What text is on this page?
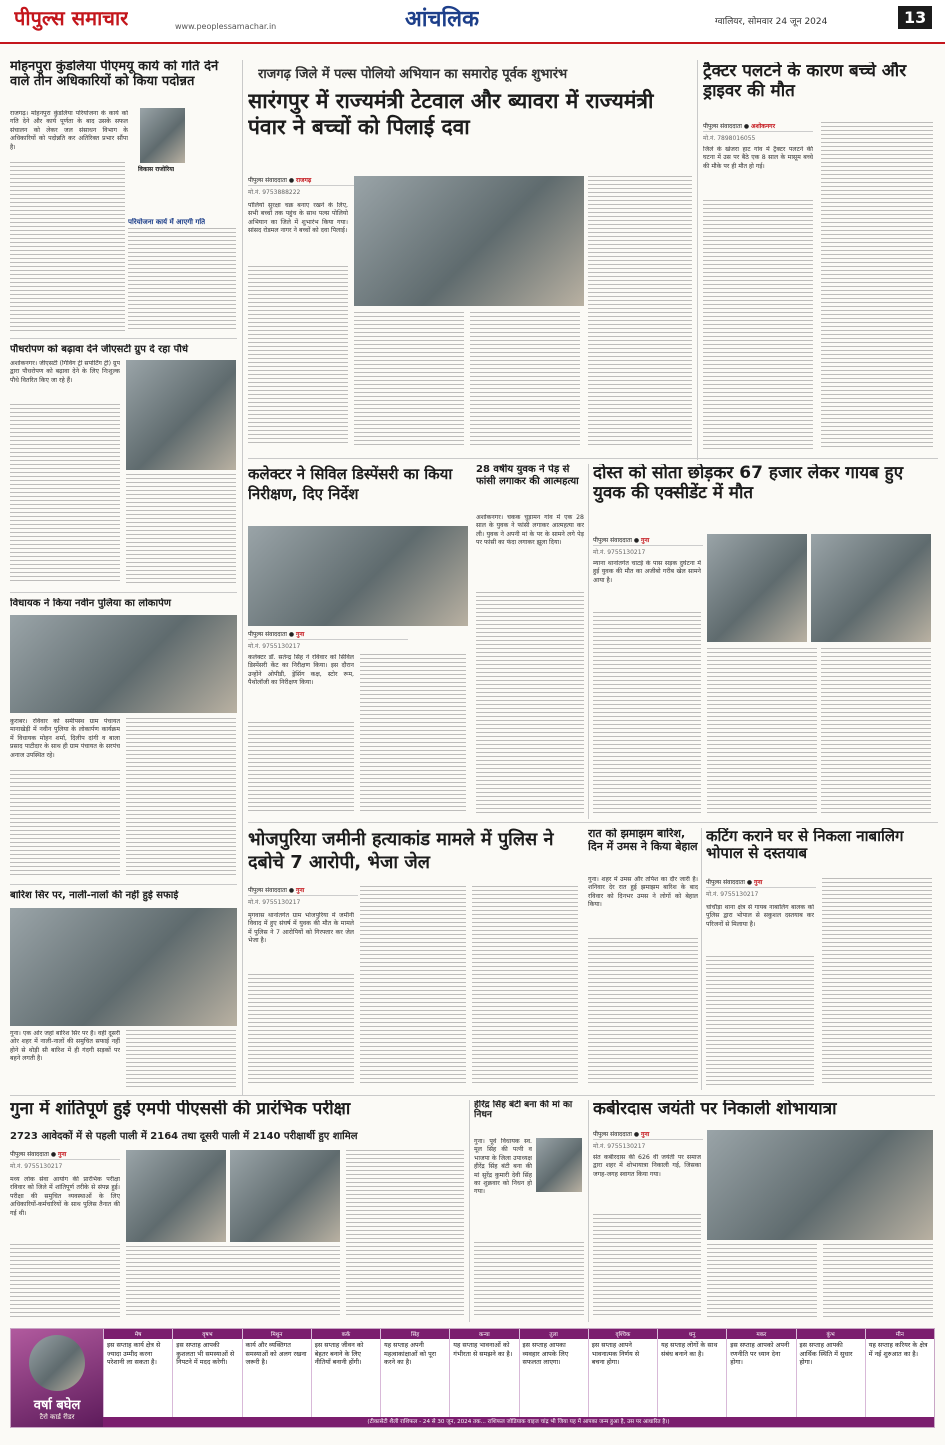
पीपुल्स समाचार	www.peoplessamachar.in	आंचलिक	ग्वालियर, सोमवार 24 जून 2024	13
मोहनपुरा कुंडलिया पीएमयू कार्य को गति देने वाले तीन अधिकारियों को किया पदोन्नत
राजगढ़। मोहनपुरा कुंडलिया परियोजना के कार्य को गति देने और कार्य पूर्णता के बाद उसके सफल संचालन को लेकर जल संसाधन विभाग के अधिकारियों को पदोन्नति कर अतिरिक्त प्रभार सौंपा है।
विकास राजोरिया
परियोजना कार्य में आएगी गति
पौधरोपण को बढ़ावा देने जीएसटी ग्रुप दे रहा पौधे
अशोकनगर। जीएसटी (गिविंग ट्री सपोर्टिंग ट्री) ग्रुप द्वारा पौधरोपण को बढ़ावा देने के लिए निःशुल्क पौधे वितरित किए जा रहे हैं।
विधायक ने किया नवीन पुलिया का लोकार्पण
कुराबर। रविवार को समीपस्थ ग्राम पंचायत मानाखेड़ी में नवीन पुलिया के लोकार्पण कार्यक्रम में विधायक मोहन शर्मा, दिलीप दांगी व बाला प्रसाद पाटीदार के साथ ही ग्राम पंचायत के सरपंच अनाज उपस्थित रहे।
बारिश सिर पर, नाली-नालों की नहीं हुई सफाई
गुना। एक ओर जहां बारिश सिर पर है। वहीं दूसरी ओर शहर में नाली-नालों की समुचित सफाई नहीं होने से थोड़ी सी बारिश में ही गंदगी सड़कों पर बहने लगती है।
राजगढ़ जिले में पल्स पोलियो अभियान का समारोह पूर्वक शुभारंभ
सारंगपुर में राज्यमंत्री टेटवाल और ब्यावरा में राज्यमंत्री पंवार ने बच्चों को पिलाई दवा
पीपुल्स संवाददाता ● राजगढ़
मो.नं. 9753888222
पोलियो सुरक्षा चक्र बनाए रखने के लिए, सभी बच्चों तक पहुंच के साथ पल्स पोलियो अभियान का जिले में शुभारंभ किया गया। सांसद रोडमल नागर ने बच्चों को दवा पिलाई।
ट्रैक्टर पलटने के कारण बच्चे और ड्राइवर की मौत
पीपुल्स संवाददाता ● अशोकनगर
मो.नं. 7898016055
जिले के खेजरा हाट गांव में ट्रैक्टर पलटने की घटना में उस पर बैठे एक 8 साल के मासूम बच्चे की मौके पर ही मौत हो गई।
कलेक्टर ने सिविल डिस्पेंसरी का किया निरीक्षण, दिए निर्देश
पीपुल्स संवाददाता ● गुना
मो.नं. 9755130217
कलेक्टर डॉ. सतेन्द्र सिंह ने रविवार को सिविल डिस्पेंसरी केंट का निरीक्षण किया। इस दौरान उन्होंने ओपीडी, ड्रेसिंग कक्ष, स्टोर रूम, पैथोलॉजी का निरीक्षण किया।
28 वर्षीय युवक ने पेड़ से फांसी लगाकर की आत्महत्या
अशोकनगर। चकक चुड़ामन गांव में एक 28 साल के युवक ने फांसी लगाकर आत्महत्या कर ली। युवक ने अपनी मां के पर के सामने लगे पेड़ पर फांसी का फंदा लगाकर झूला दिया।
दोस्त को सोता छोड़कर 67 हजार लेकर गायब हुए युवक की एक्सीडेंट में मौत
पीपुल्स संवाददाता ● गुना
मो.नं. 9755130217
म्याना थानांतर्गत चाटई के पास सड़क दुर्घटना में हुई युवक की मौत का अजीबो गरीब खेल सामने आया है।
भोजपुरिया जमीनी हत्याकांड मामले में पुलिस ने दबोचे 7 आरोपी, भेजा जेल
पीपुल्स संवाददाता ● गुना
मो.नं. 9755130217
मृगवास थानांतर्गत ग्राम भोजपुरिया में जमीनी विवाद में हुए संघर्ष में युवक की मौत के मामले में पुलिस ने 7 आरोपियों को गिरफ्तार कर जेल भेजा है।
रात को झमाझम बारिश, दिन में उमस ने किया बेहाल
गुना। शहर में उमस और तपिश का दौर जारी है। शनिवार देर रात हुई झमाझम बारिश के बाद रविवार को दिनभर उमस ने लोगों को बेहाल किया।
कटिंग कराने घर से निकला नाबालिग भोपाल से दस्तयाब
पीपुल्स संवाददाता ● गुना
मो.नं. 9755130217
चांचौड़ा थाना क्षेत्र से गायब नाबालिग बालक को पुलिस द्वारा भोपाल से सकुशल दस्तयाब कर परिजनों से मिलाया है।
गुना में शांतिपूर्ण हुई एमपी पीएससी की प्रारंभिक परीक्षा
2723 आवेदकों में से पहली पाली में 2164 तथा दूसरी पाली में 2140 परीक्षार्थी हुए शामिल
पीपुल्स संवाददाता ● गुना
मो.नं. 9755130217
मध्य लोक सेवा आयोग की प्रारंभिक परीक्षा रविवार को जिले में शांतिपूर्ण तरीके से संपन्न हुई। परीक्षा की समुचित व्यवस्थाओं के लिए अधिकारियों-कर्मचारियों के साथ पुलिस तैनात की गई थी।
हीरेंद्र सिंह बंटी बना की मां का निधन
गुना। पूर्व विधायक स्व. मूल सिंह की पत्नी व भाजपा के जिला उपाध्यक्ष हीरेंद्र सिंह बंटी बना की मां सुरेंद्र कुमारी देवी सिंह का शुक्रवार को निधन हो गया।
कबीरदास जयंती पर निकाली शोभायात्रा
पीपुल्स संवाददाता ● गुना
मो.नं. 9755130217
संत कबीरदास की 626 वीं जयंती पर समाज द्वारा शहर में शोभायात्रा निकाली गई, जिसका जगह-जगह स्वागत किया गया।
वर्षा बघेल
टैरो कार्ड रीडर
मेष
इस सप्ताह कार्य क्षेत्र से ज्यादा उम्मीद करना परेशानी ला सकता है।
वृषभ
इस सप्ताह आपकी कुशलता भी समस्याओं से निपटने में मदद करेगी।
मिथुन
कार्य और व्यक्तिगत समस्याओं को अलग रखना जरूरी है।
कर्क
इस सप्ताह जीवन को बेहतर बनाने के लिए नीतियाँ बनानी होंगी।
सिंह
यह सप्ताह अपनी महत्वाकांक्षाओं को पूरा करने का है।
कन्या
यह सप्ताह भावनाओं को गंभीरता से समझने का है।
तुला
इस सप्ताह आपका व्यवहार आपके लिए सफलता लाएगा।
वृश्चिक
इस सप्ताह आपने भावनात्मक निर्णय से बचना होगा।
धनु
यह सप्ताह लोगों के साथ संबंध बनाने का है।
मकर
इस सप्ताह आपको अपनी रणनीति पर ध्यान देना होगा।
कुंभ
इस सप्ताह आपकी आर्थिक स्थिति में सुधार होगा।
मीन
यह सप्ताह करियर के क्षेत्र में नई शुरुआत का है।
(टीकासेटी शैली राशिफल - 24 से 30 जून, 2024 तक... राशिफल जोडियाक वाइज चांद्र भी जिया यह में आपका जन्म हुआ है, उस पर आधारित है।)
